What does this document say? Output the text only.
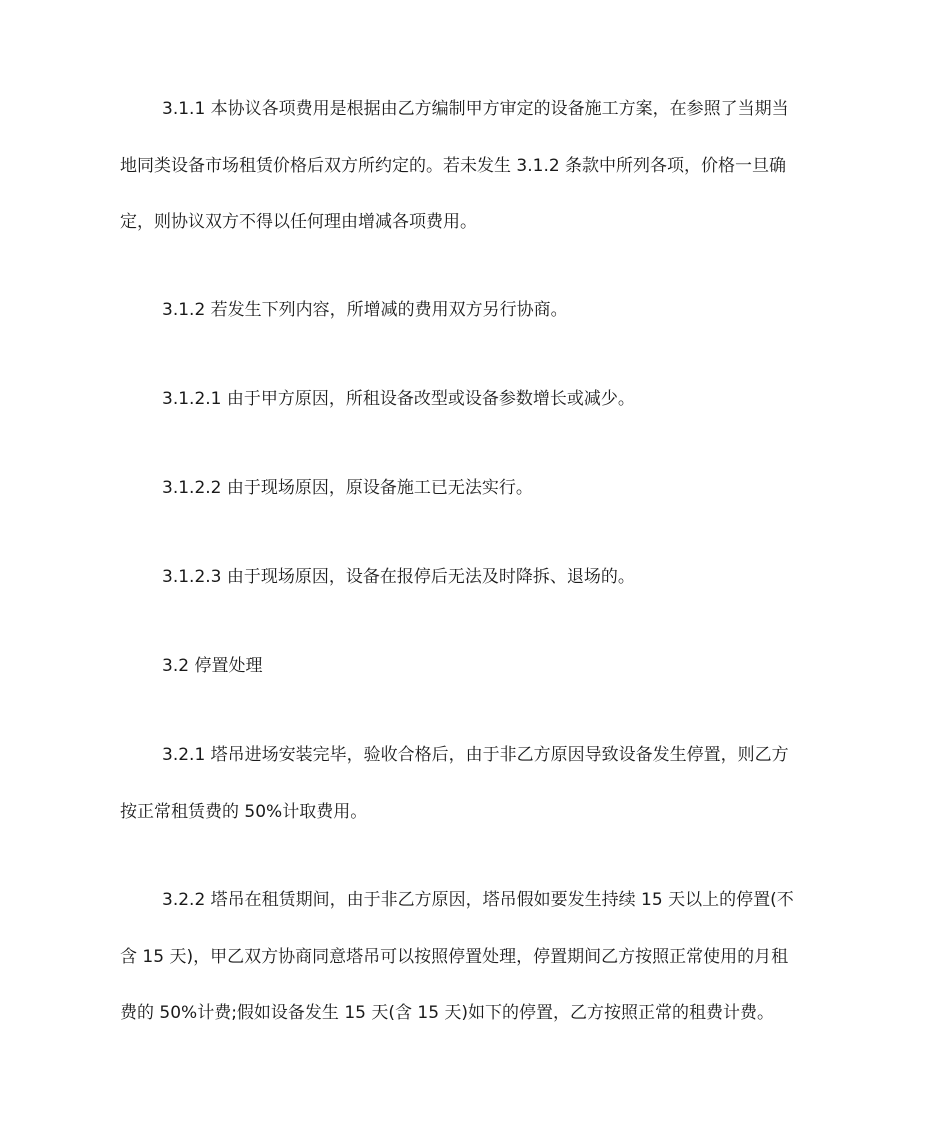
3.1.1 本协议各项费用是根据由乙方编制甲方审定的设备施工方案，在参照了当期当
地同类设备市场租赁价格后双方所约定的。若未发生 3.1.2 条款中所列各项，价格一旦确
定，则协议双方不得以任何理由增减各项费用。

3.1.2 若发生下列内容，所增减的费用双方另行协商。

3.1.2.1 由于甲方原因，所租设备改型或设备参数增长或减少。

3.1.2.2 由于现场原因，原设备施工已无法实行。

3.1.2.3 由于现场原因，设备在报停后无法及时降拆、退场的。

3.2 停置处理

3.2.1 塔吊进场安装完毕，验收合格后，由于非乙方原因导致设备发生停置，则乙方
按正常租赁费的 50%计取费用。

3.2.2 塔吊在租赁期间，由于非乙方原因，塔吊假如要发生持续 15 天以上的停置(不
含 15 天)，甲乙双方协商同意塔吊可以按照停置处理，停置期间乙方按照正常使用的月租
费的 50%计费;假如设备发生 15 天(含 15 天)如下的停置，乙方按照正常的租费计费。
